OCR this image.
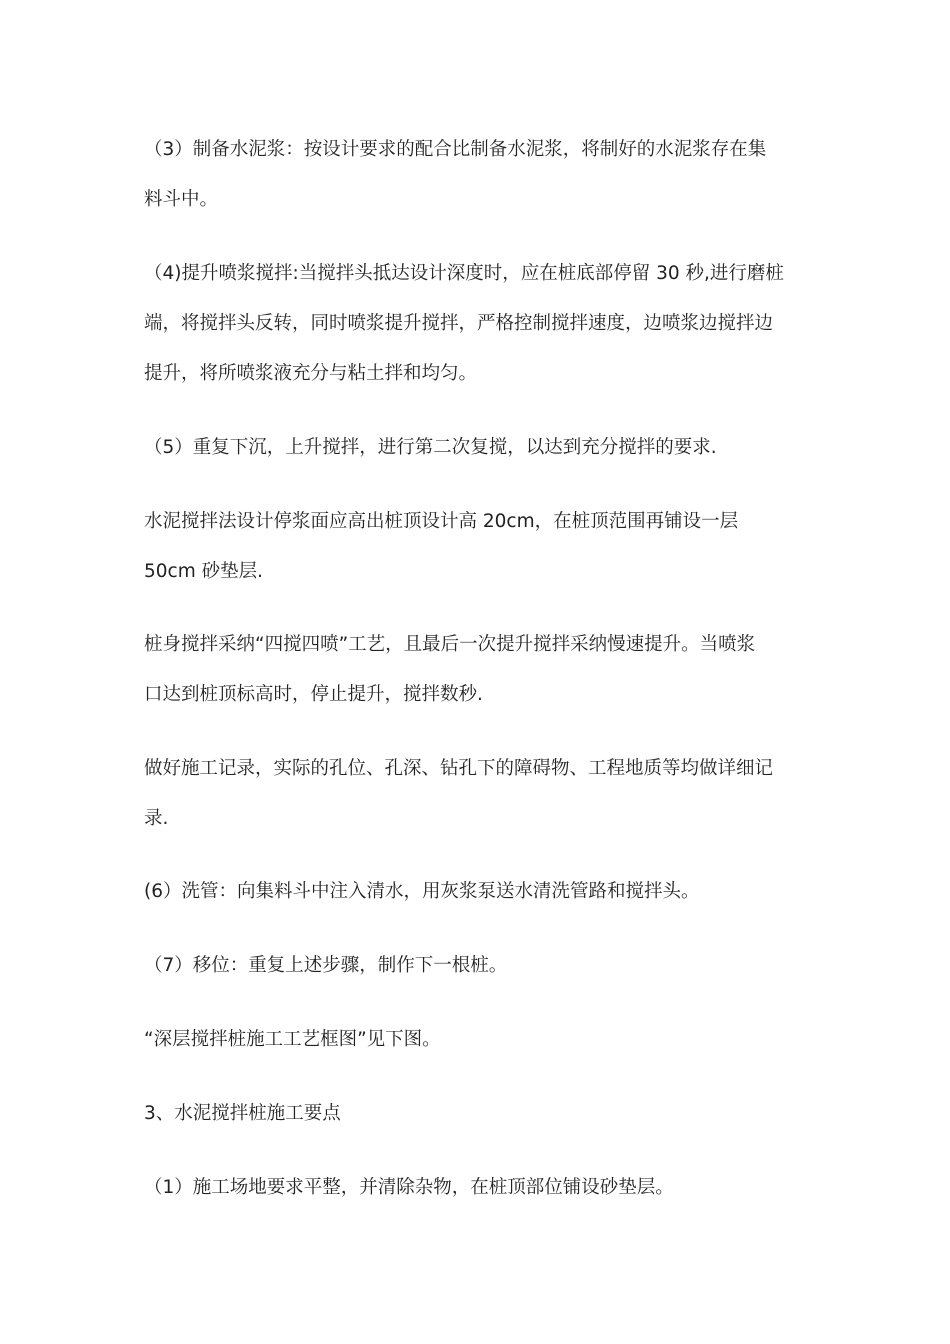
（3）制备水泥浆：按设计要求的配合比制备水泥浆，将制好的水泥浆存在集
料斗中。
（4)提升喷浆搅拌:当搅拌头抵达设计深度时，应在桩底部停留 30 秒,进行磨桩
端，将搅拌头反转，同时喷浆提升搅拌，严格控制搅拌速度，边喷浆边搅拌边
提升，将所喷浆液充分与粘土拌和均匀。
（5）重复下沉，上升搅拌，进行第二次复搅，以达到充分搅拌的要求.
水泥搅拌法设计停浆面应高出桩顶设计高 20cm，在桩顶范围再铺设一层
50cm 砂垫层.
桩身搅拌采纳“四搅四喷”工艺，且最后一次提升搅拌采纳慢速提升。当喷浆
口达到桩顶标高时，停止提升，搅拌数秒.
做好施工记录，实际的孔位、孔深、钻孔下的障碍物、工程地质等均做详细记
录.
(6）洗管：向集料斗中注入清水，用灰浆泵送水清洗管路和搅拌头。
（7）移位：重复上述步骤，制作下一根桩。
“深层搅拌桩施工工艺框图”见下图。
3、水泥搅拌桩施工要点
（1）施工场地要求平整，并清除杂物，在桩顶部位铺设砂垫层。
